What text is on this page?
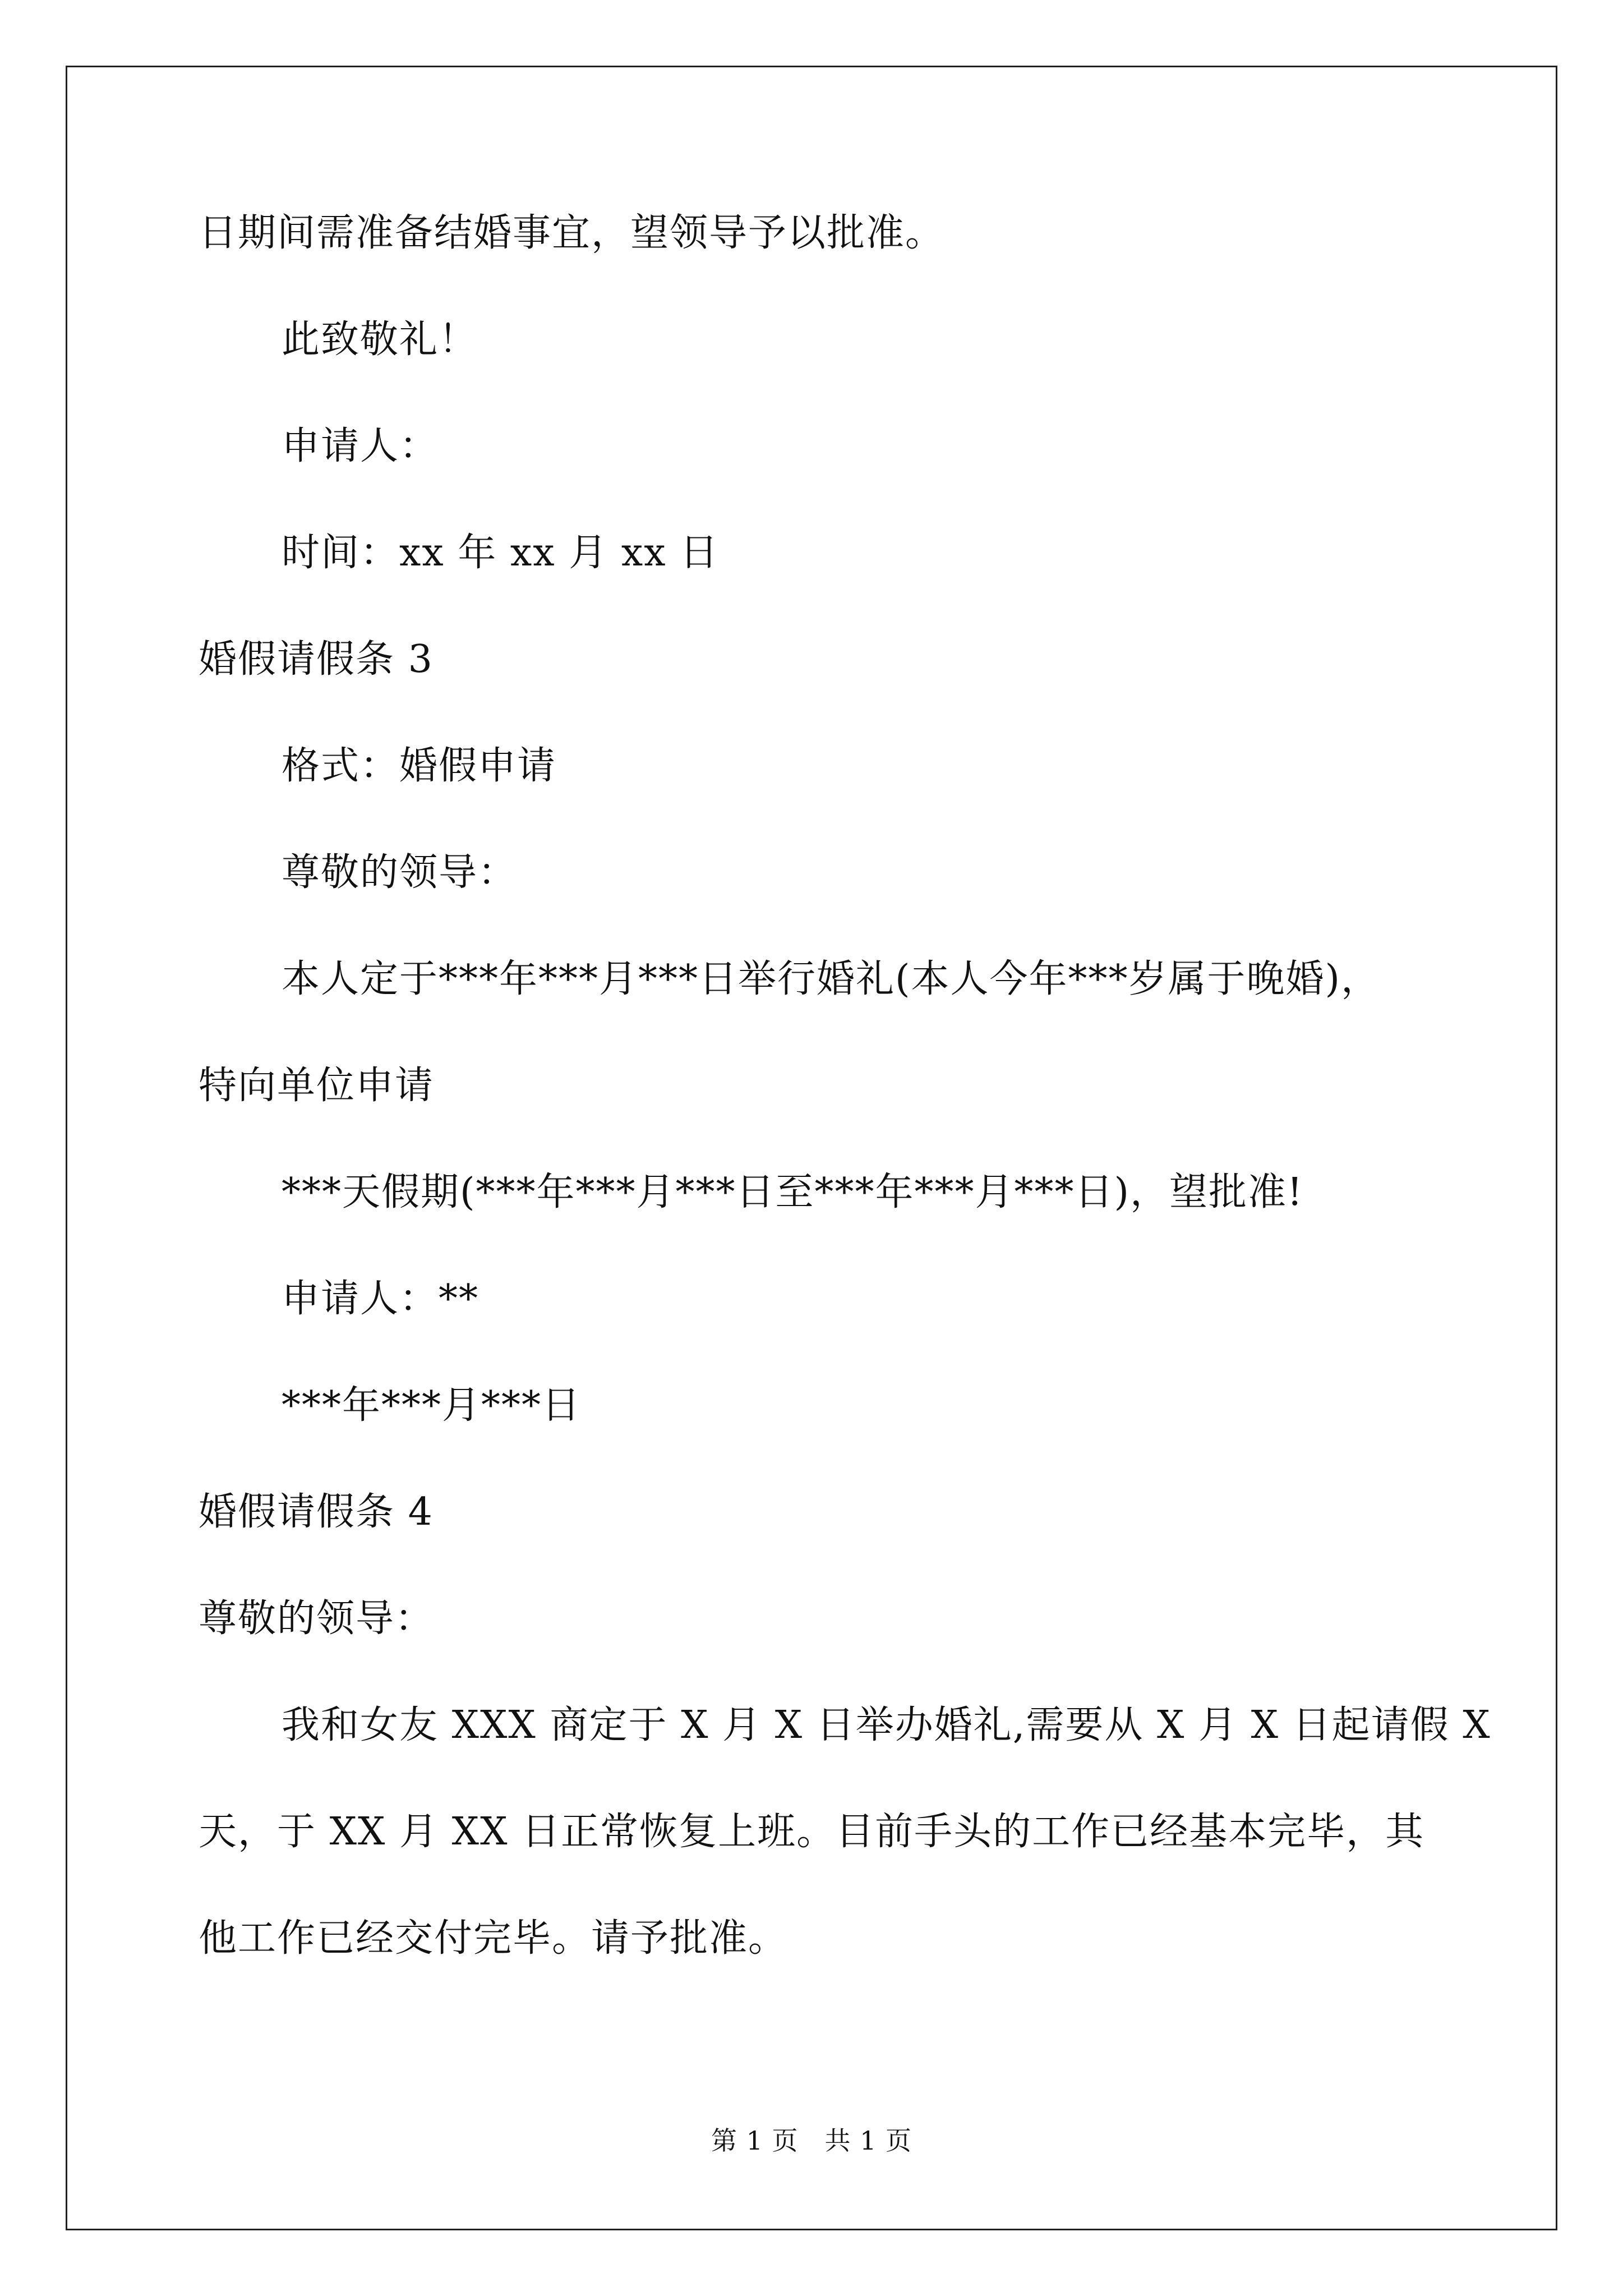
日期间需准备结婚事宜，望领导予以批准。
此致敬礼！
申请人：
时间：xx 年 xx 月 xx 日
婚假请假条 3
格式：婚假申请
尊敬的领导：
本人定于***年***月***日举行婚礼(本人今年***岁属于晚婚)，
特向单位申请
***天假期(***年***月***日至***年***月***日)，望批准!
申请人：**
***年***月***日
婚假请假条 4
尊敬的领导：
我和女友 XXX 商定于 X 月 X 日举办婚礼,需要从 X 月 X 日起请假 X
天，于 XX 月 XX 日正常恢复上班。目前手头的工作已经基本完毕，其
他工作已经交付完毕。请予批准。
第 1 页　共 1 页
